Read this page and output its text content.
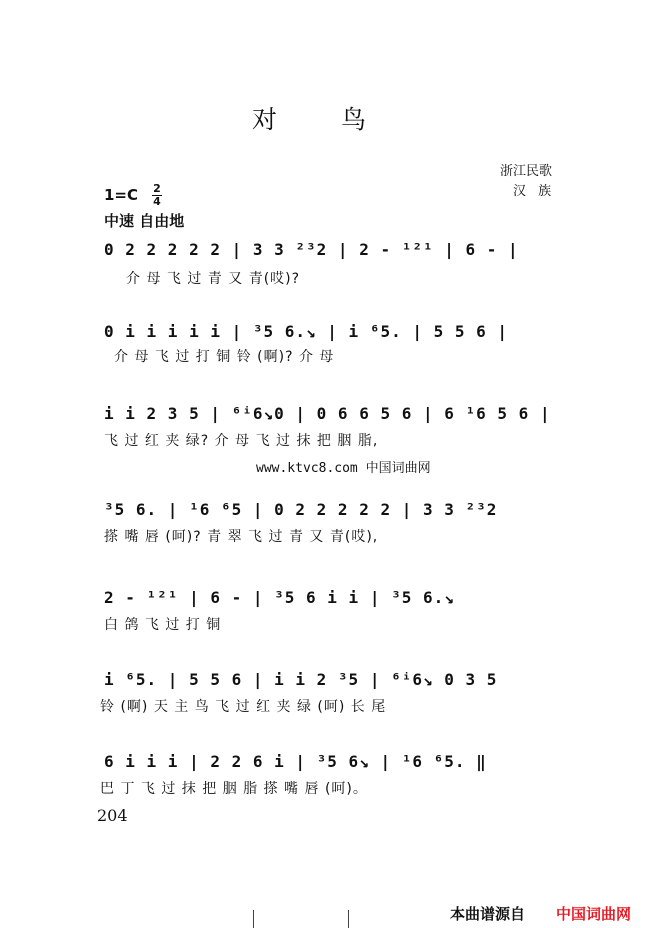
对 鸟
浙江民歌
汉 族
1=C 2
4
中速 自由地
0 2 2 2 2 2 | 3 3 ²³2 | 2 - ¹²¹ | 6 - |
介 母 飞 过 青 又 青(哎)?
0 i i i i i | ³5 6.↘ | i ⁶5. | 5 5 6 |
介 母 飞 过 打 铜 铃 (啊)? 介 母
i i 2 3 5 | ⁶ⁱ6↘0 | 0 6 6 5 6 | 6 ¹6 5 6 |
飞 过 红 夹 绿? 介 母 飞 过 抹 把 胭 脂,
www.ktvc8.com 中国词曲网
³5 6. | ¹6 ⁶5 | 0 2 2 2 2 2 | 3 3 ²³2
搽 嘴 唇 (呵)? 青 翠 飞 过 青 又 青(哎),
2 - ¹²¹ | 6 - | ³5 6 i i | ³5 6.↘
白 鸽 飞 过 打 铜
i ⁶5. | 5 5 6 | i i 2 ³5 | ⁶ⁱ6↘ 0 3 5
铃 (啊) 天 主 鸟 飞 过 红 夹 绿 (呵) 长 尾
6 i i i | 2 2 6 i | ³5 6↘ | ¹6 ⁶5. ‖
巴 丁 飞 过 抹 把 胭 脂 搽 嘴 唇 (呵)。
204
本曲谱源自 中国词曲网
